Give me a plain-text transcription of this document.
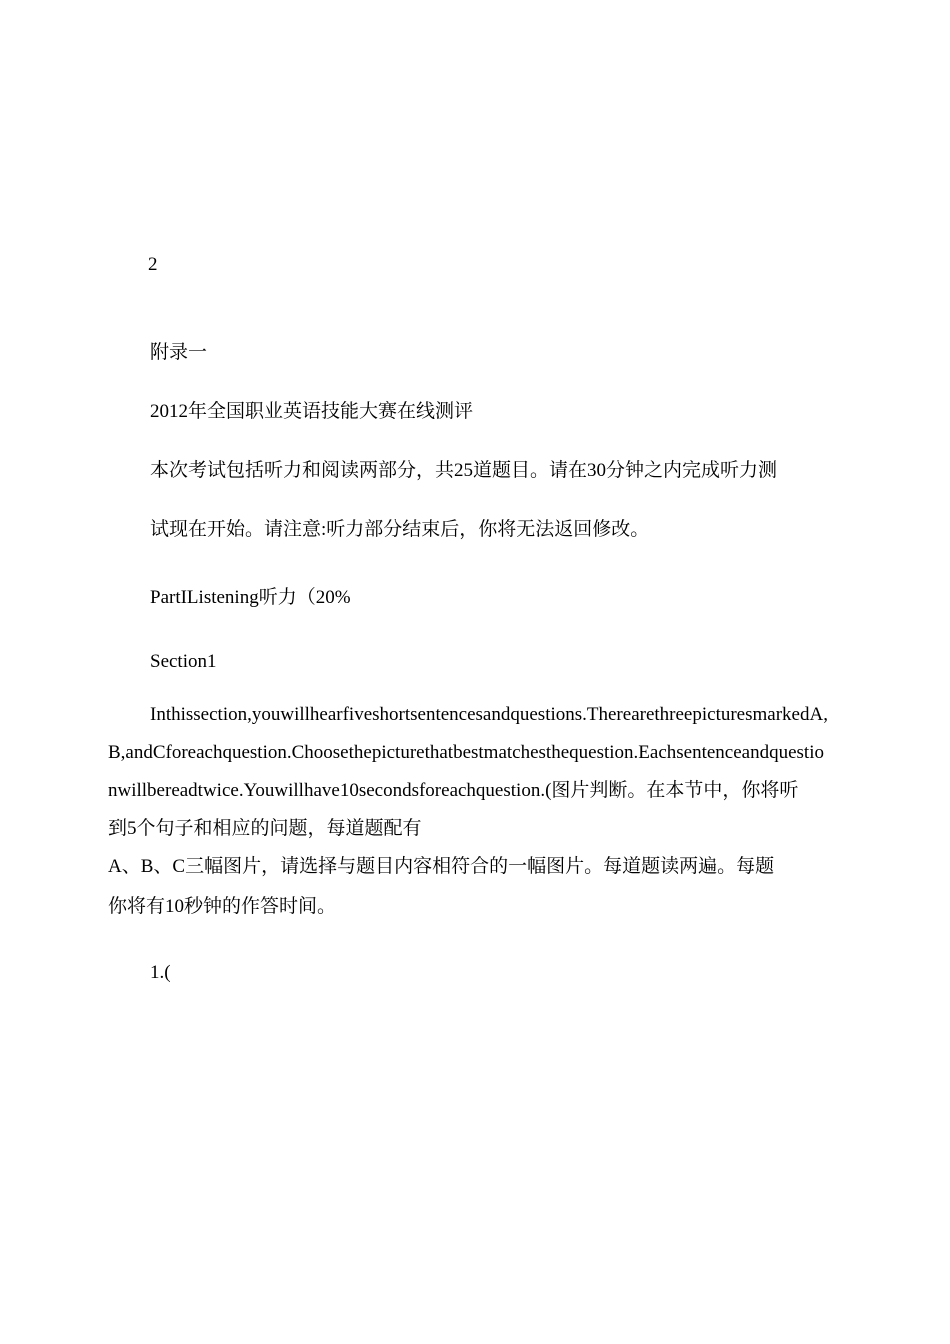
2
附录一
2012年全国职业英语技能大赛在线测评
本次考试包括听力和阅读两部分，共25道题目。请在30分钟之内完成听力测
试现在开始。请注意:听力部分结束后，你将无法返回修改。
PartIListening听力（20%
Section1
Inthissection,youwillhearfiveshortsentencesandquestions.TherearethreepicturesmarkedA,
B,andCforeachquestion.Choosethepicturethatbestmatchesthequestion.Eachsentenceandquestio
nwillbereadtwice.Youwillhave10secondsforeachquestion.(图片判断。在本节中，你将听
到5个句子和相应的问题，每道题配有
A、B、C三幅图片，请选择与题目内容相符合的一幅图片。每道题读两遍。每题
你将有10秒钟的作答时间。
1.(
